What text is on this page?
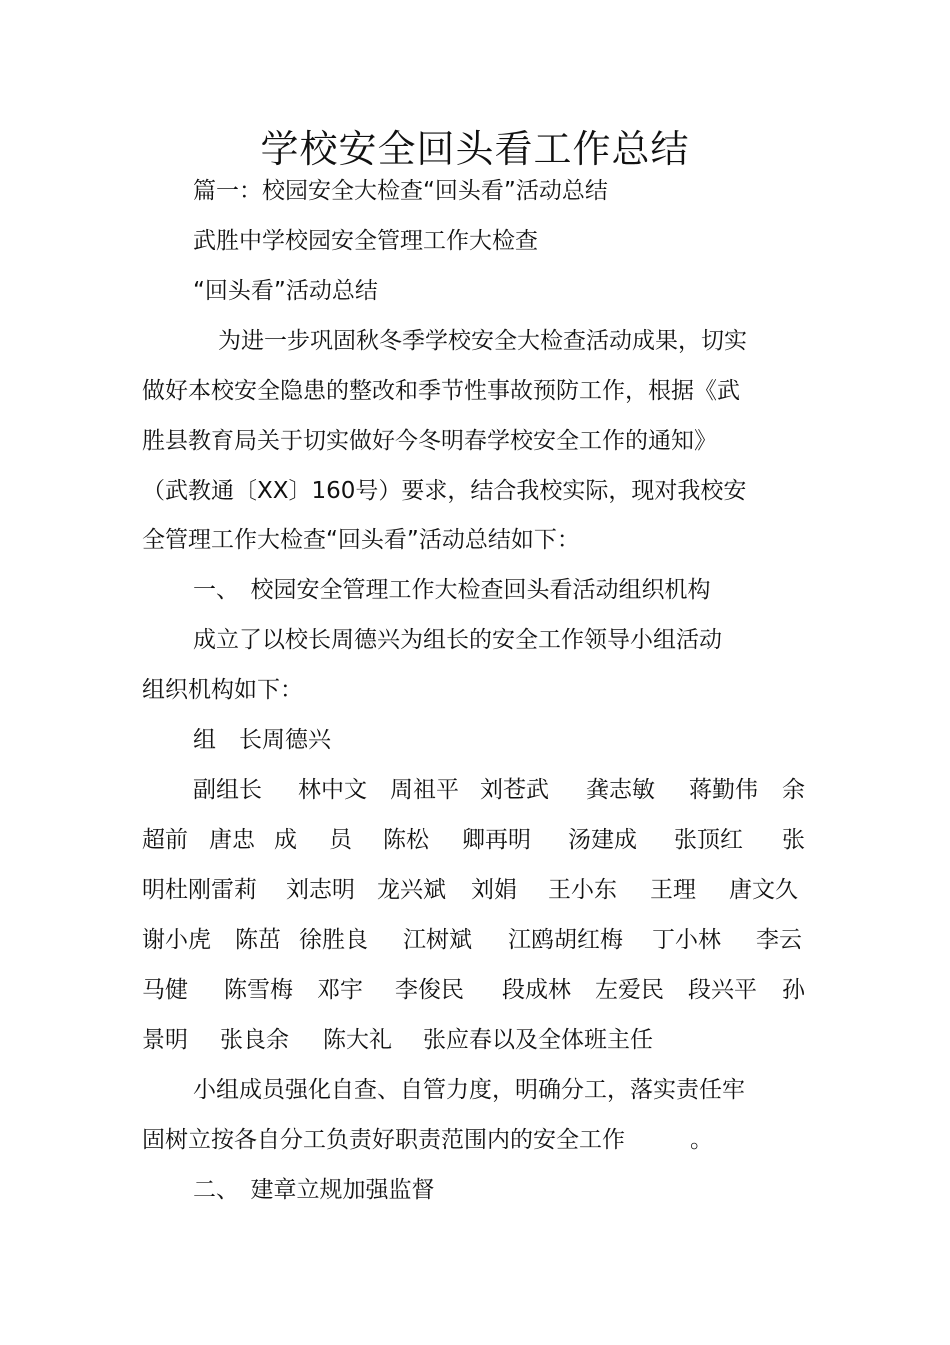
学校安全回头看工作总结
篇一：校园安全大检查“回头看”活动总结
武胜中学校园安全管理工作大检查
“回头看”活动总结
为进一步巩固秋冬季学校安全大检查活动成果，切实
做好本校安全隐患的整改和季节性事故预防工作，根据《武
胜县教育局关于切实做好今冬明春学校安全工作的通知》
（武教通〔XX〕160号）要求，结合我校实际，现对我校安
全管理工作大检查“回头看”活动总结如下：
一、　校园安全管理工作大检查回头看活动组织机构
成立了以校长周德兴为组长的安全工作领导小组活动
组织机构如下：
组　长周德兴
副组长 林中文 周祖平 刘苍武 龚志敏 蒋勤伟 余
超前 唐忠 成 员 陈松 卿再明 汤建成 张顶红 张
明杜刚雷莉 刘志明 龙兴斌 刘娟 王小东 王理 唐文久
谢小虎 陈茁 徐胜良 江树斌 江鸥胡红梅 丁小林 李云
马健 陈雪梅 邓宇 李俊民 段成林 左爱民 段兴平 孙
景明 张良余 陈大礼 张应春以及全体班主任
小组成员强化自查、自管力度，明确分工，落实责任牢
固树立按各自分工负责好职责范围内的安全工作	。
二、　建章立规加强监督
